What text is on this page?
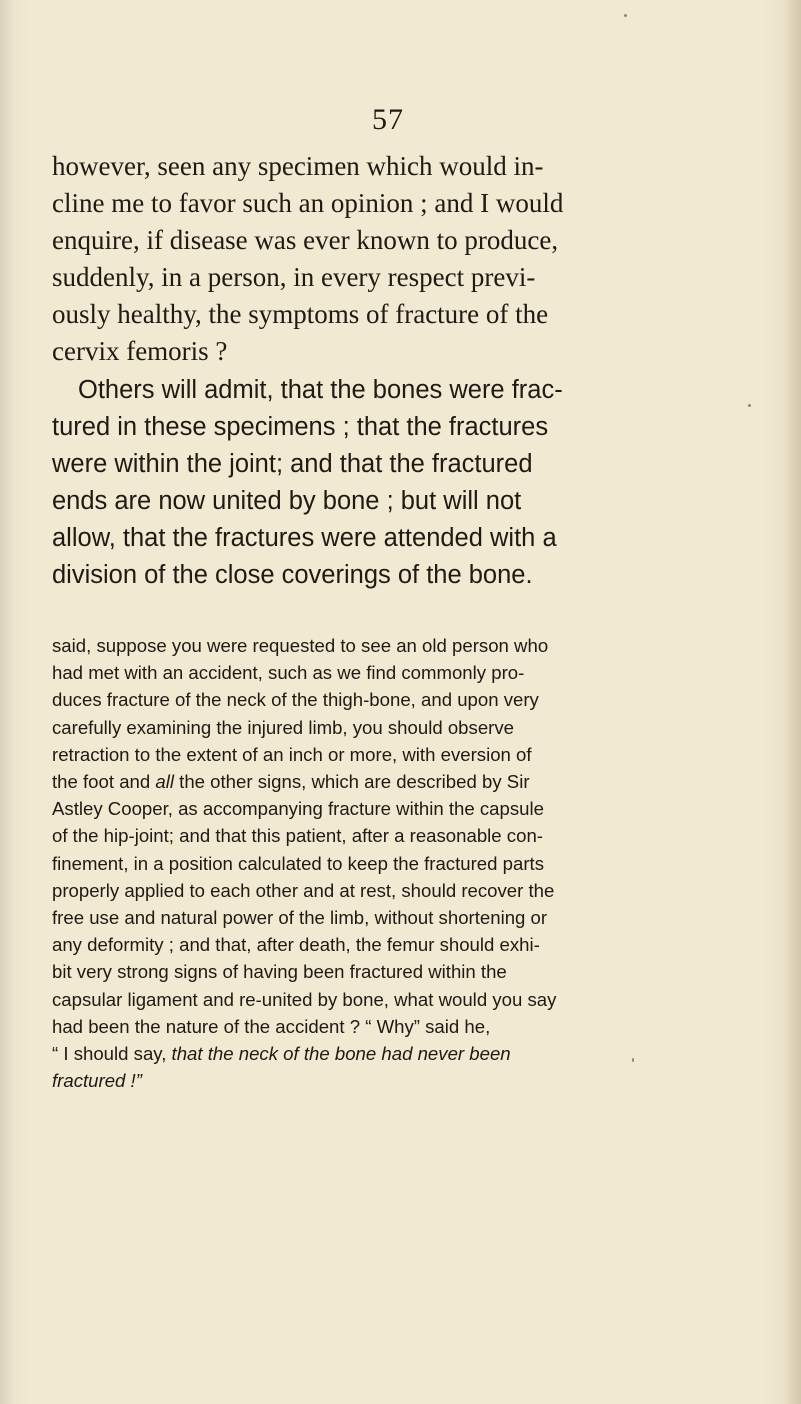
57
however, seen any specimen which would in-
cline me to favor such an opinion ; and I would
enquire, if disease was ever known to produce,
suddenly, in a person, in every respect previ-
ously healthy, the symptoms of fracture of the
cervix femoris ?
Others will admit, that the bones were frac-
tured in these specimens ; that the fractures
were within the joint; and that the fractured
ends are now united by bone ; but will not
allow, that the fractures were attended with a
division of the close coverings of the bone.
said, suppose you were requested to see an old person who
had met with an accident, such as we find commonly pro-
duces fracture of the neck of the thigh-bone, and upon very
carefully examining the injured limb, you should observe
retraction to the extent of an inch or more, with eversion of
the foot and all the other signs, which are described by Sir
Astley Cooper, as accompanying fracture within the capsule
of the hip-joint; and that this patient, after a reasonable con-
finement, in a position calculated to keep the fractured parts
properly applied to each other and at rest, should recover the
free use and natural power of the limb, without shortening or
any deformity ; and that, after death, the femur should exhi-
bit very strong signs of having been fractured within the
capsular ligament and re-united by bone, what would you say
had been the nature of the accident ? “ Why” said he,
“ I should say, that the neck of the bone had never been
fractured !”
